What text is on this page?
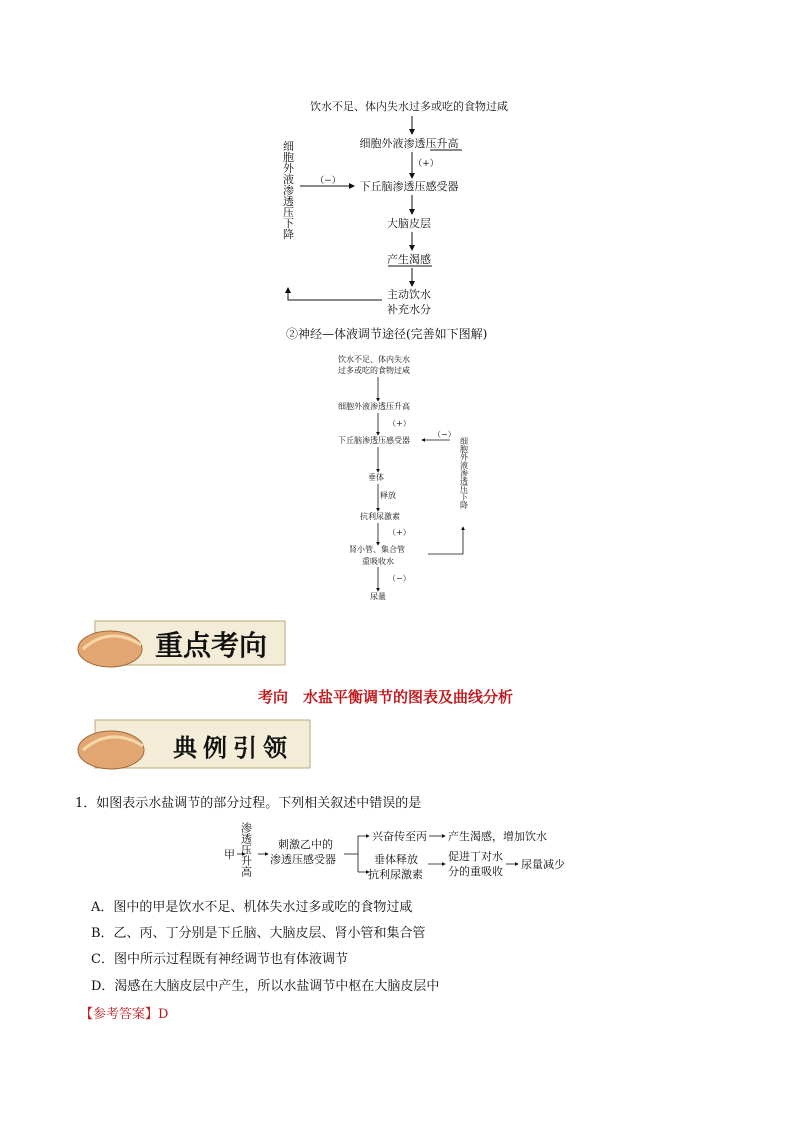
饮水不足、体内失水过多或吃的食物过咸
细胞外液渗透压升高
（+）
（−） 下丘脑渗透压感受器
大脑皮层
产生渴感
主动饮水
补充水分
细胞外液渗透压下降
②神经—体液调节途径(完善如下图解)
饮水不足、体内失水
过多或吃的食物过咸
细胞外液渗透压升高
（+）
下丘脑渗透压感受器
（−）
垂体
释放
抗利尿激素
（+）
肾小管、集合管
重吸收水
（−）
尿量
细胞外液渗透压下降
重点考向
考向　水盐平衡调节的图表及曲线分析
典例引领
1．如图表示水盐调节的部分过程。下列相关叙述中错误的是
甲 渗透压升高 刺激乙中的
渗透压感受器
兴奋传至丙 产生渴感，增加饮水
垂体释放
抗利尿激素
促进丁对水
分的重吸收
尿量减少
A．图中的甲是饮水不足、机体失水过多或吃的食物过咸
B．乙、丙、丁分别是下丘脑、大脑皮层、肾小管和集合管
C．图中所示过程既有神经调节也有体液调节
D．渴感在大脑皮层中产生，所以水盐调节中枢在大脑皮层中
【参考答案】D
